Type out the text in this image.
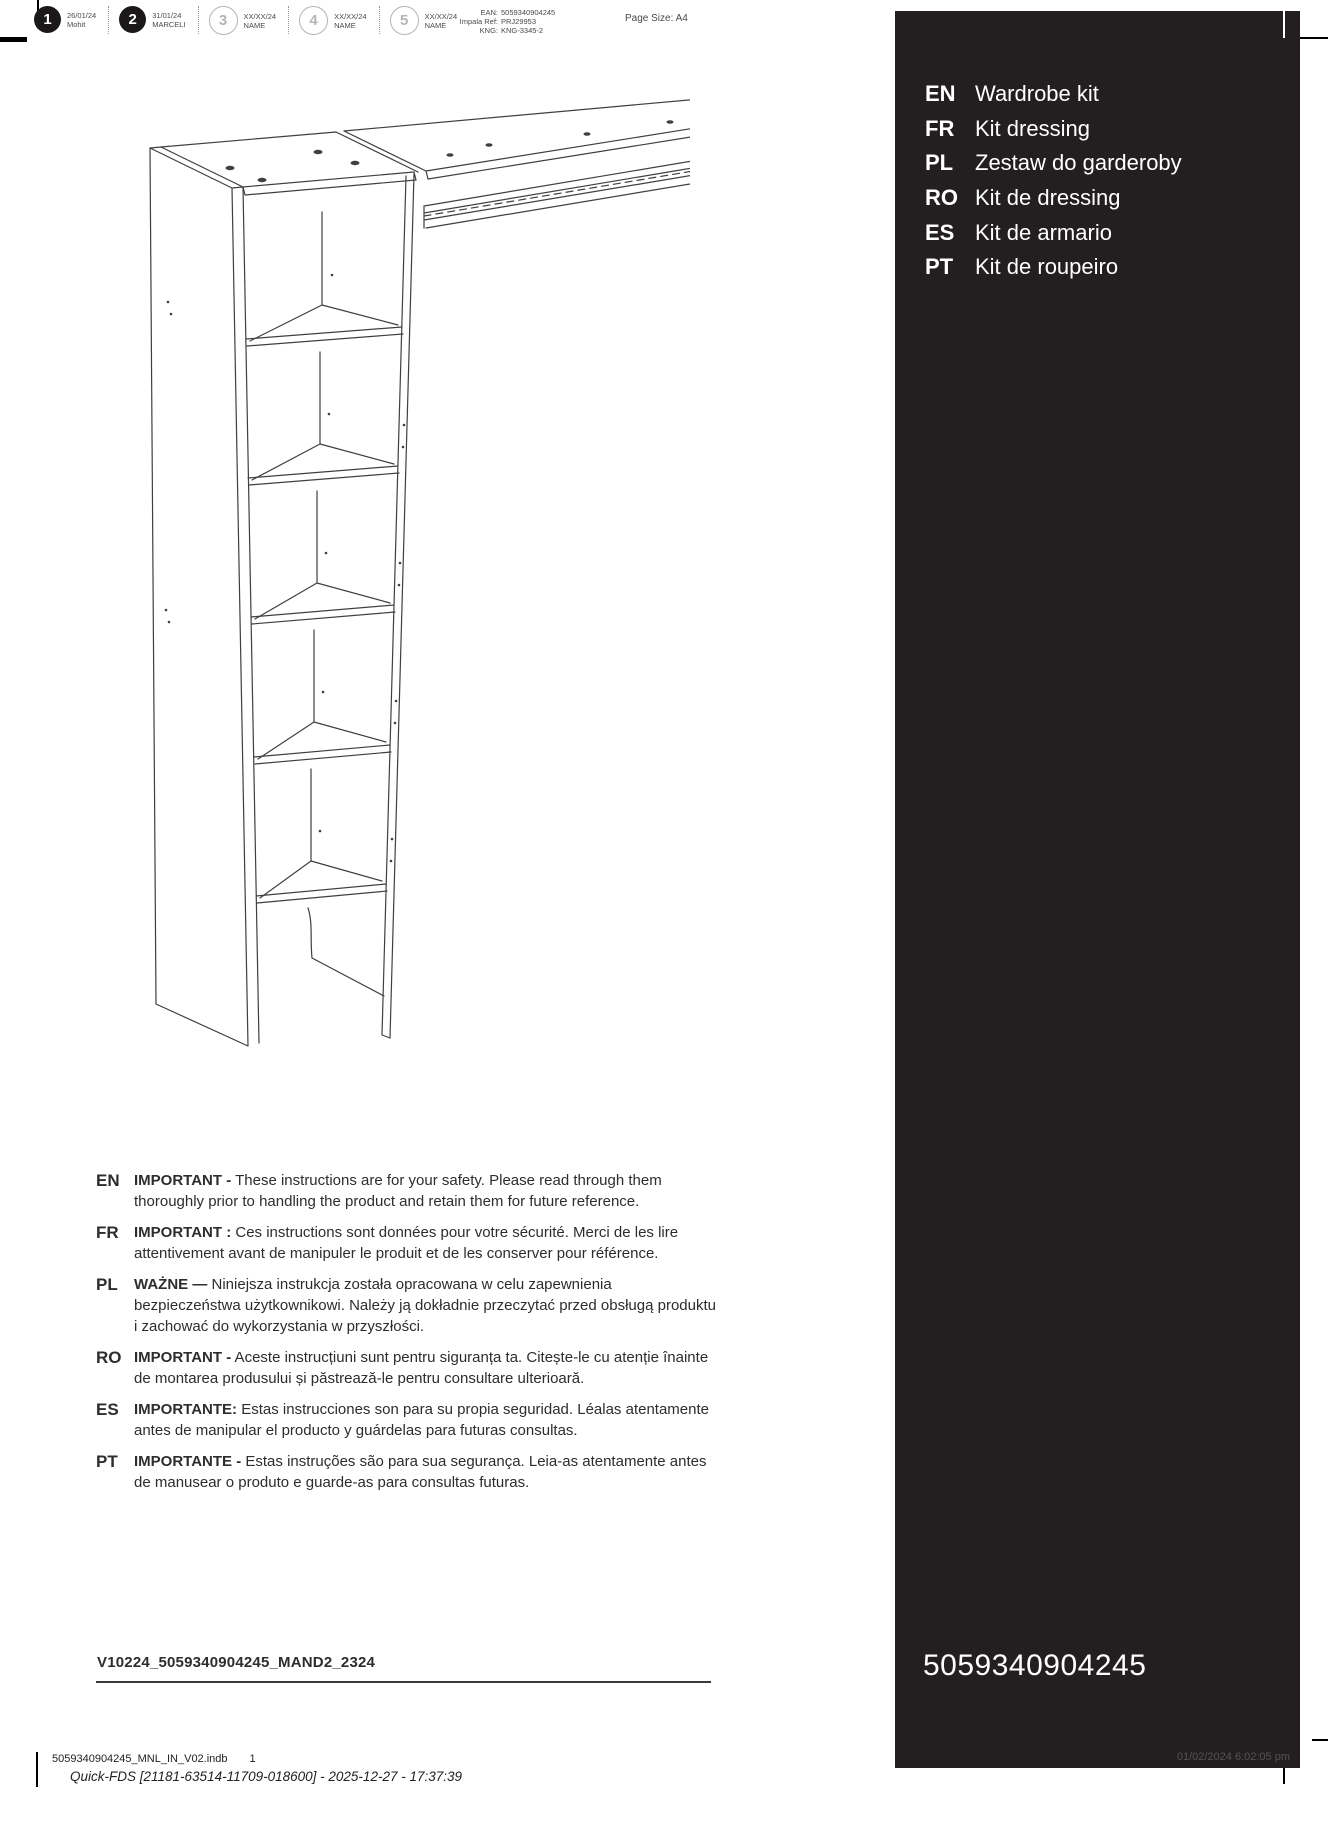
1	26/01/24
Mohit	2	31/01/24
MARCELI	3	XX/XX/24
NAME	4	XX/XX/24
NAME	5	XX/XX/24
NAME
EAN: 5059340904245
Impala Ref: PRJ29953
KNG: KNG-3345-2
Page Size: A4
EN IMPORTANT - These instructions are for your safety. Please read through them thoroughly prior to handling the product and retain them for future reference.
FR	IMPORTANT : Ces instructions sont données pour votre sécurité. Merci de les lire attentivement avant de manipuler le produit et de les conserver pour référence.
PL	WAŻNE — Niniejsza instrukcja została opracowana w celu zapewnienia bezpieczeństwa użytkownikowi. Należy ją dokładnie przeczytać przed obsługą produktu i zachować do wykorzystania w przyszłości.
RO IMPORTANT - Aceste instrucțiuni sunt pentru siguranța ta. Citește-le cu atenție înainte de montarea produsului și păstrează-le pentru consultare ulterioară.
ES	IMPORTANTE: Estas instrucciones son para su propia seguridad. Léalas atentamente antes de manipular el producto y guárdelas para futuras consultas.
PT	IMPORTANTE - Estas instruções são para sua segurança. Leia-as atentamente antes de manusear o produto e guarde-as para consultas futuras.
V10224_5059340904245_MAND2_2324
EN Wardrobe kit
FR Kit dressing
PL Zestaw do garderoby
RO Kit de dressing
ES Kit de armario
PT Kit de roupeiro
5059340904245
01/02/2024 6:02:05 pm
5059340904245_MNL_IN_V02.indb 1
Quick-FDS [21181-63514-11709-018600] - 2025-12-27 - 17:37:39
